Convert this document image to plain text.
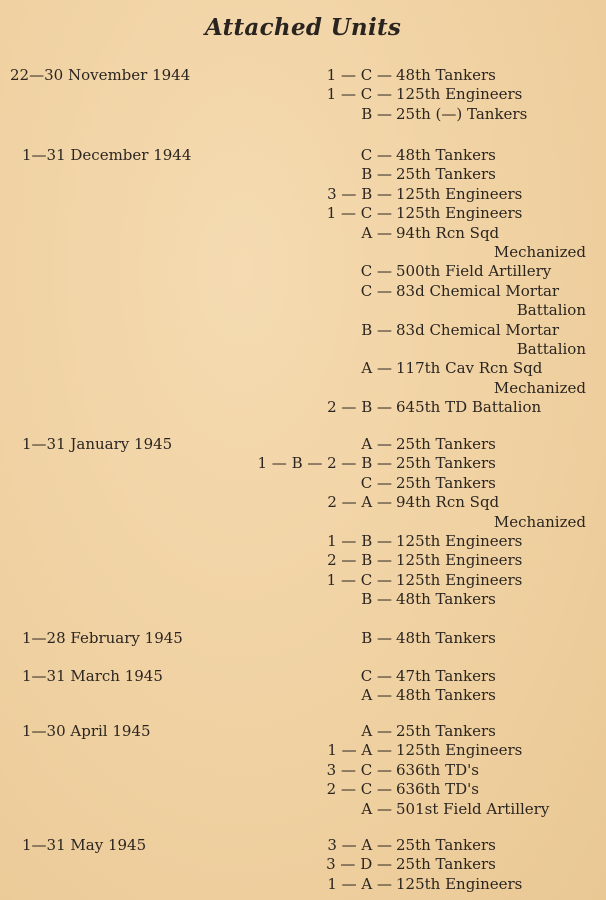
Attached Units
22—30 November 1944	1 — C — 48th Tankers
1 — C — 125th Engineers
B — 25th (—) Tankers
1—31 December 1944	C — 48th Tankers
B — 25th Tankers
3 — B — 125th Engineers
1 — C — 125th Engineers
A — 94th Rcn Sqd
Mechanized
C — 500th Field Artillery
C — 83d Chemical Mortar
Battalion
B — 83d Chemical Mortar
Battalion
A — 117th Cav Rcn Sqd
Mechanized
2 — B — 645th TD Battalion
1—31 January 1945	A — 25th Tankers
1 — B — 2 — B — 25th Tankers
C — 25th Tankers
2 — A — 94th Rcn Sqd
Mechanized
1 — B — 125th Engineers
2 — B — 125th Engineers
1 — C — 125th Engineers
B — 48th Tankers
1—28 February 1945	B — 48th Tankers
1—31 March 1945	C — 47th Tankers
A — 48th Tankers
1—30 April 1945	A — 25th Tankers
1 — A — 125th Engineers
3 — C — 636th TD's
2 — C — 636th TD's
A — 501st Field Artillery
1—31 May 1945	3 — A — 25th Tankers
3 — D — 25th Tankers
1 — A — 125th Engineers
